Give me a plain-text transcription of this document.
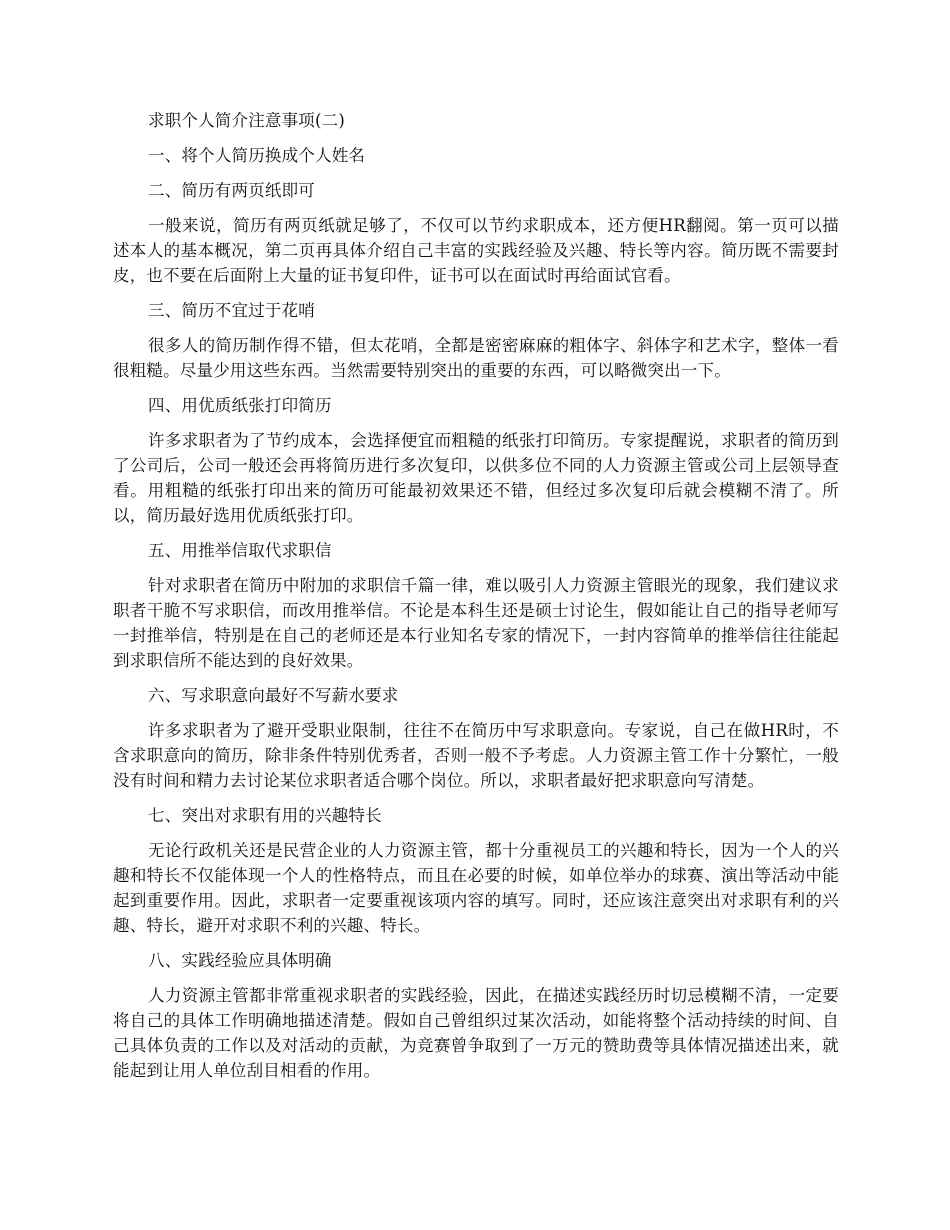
求职个人简介注意事项(二)

一、将个人简历换成个人姓名

二、简历有两页纸即可

一般来说，简历有两页纸就足够了，不仅可以节约求职成本，还方便HR翻阅。第一页可以描述本人的基本概况，第二页再具体介绍自己丰富的实践经验及兴趣、特长等内容。简历既不需要封皮，也不要在后面附上大量的证书复印件，证书可以在面试时再给面试官看。

三、简历不宜过于花哨

很多人的简历制作得不错，但太花哨，全都是密密麻麻的粗体字、斜体字和艺术字，整体一看很粗糙。尽量少用这些东西。当然需要特别突出的重要的东西，可以略微突出一下。

四、用优质纸张打印简历

许多求职者为了节约成本，会选择便宜而粗糙的纸张打印简历。专家提醒说，求职者的简历到了公司后，公司一般还会再将简历进行多次复印，以供多位不同的人力资源主管或公司上层领导查看。用粗糙的纸张打印出来的简历可能最初效果还不错，但经过多次复印后就会模糊不清了。所以，简历最好选用优质纸张打印。

五、用推举信取代求职信

针对求职者在简历中附加的求职信千篇一律，难以吸引人力资源主管眼光的现象，我们建议求职者干脆不写求职信，而改用推举信。不论是本科生还是硕士讨论生，假如能让自己的指导老师写一封推举信，特别是在自己的老师还是本行业知名专家的情况下，一封内容简单的推举信往往能起到求职信所不能达到的良好效果。

六、写求职意向最好不写薪水要求

许多求职者为了避开受职业限制，往往不在简历中写求职意向。专家说，自己在做HR时，不含求职意向的简历，除非条件特别优秀者，否则一般不予考虑。人力资源主管工作十分繁忙，一般没有时间和精力去讨论某位求职者适合哪个岗位。所以，求职者最好把求职意向写清楚。

七、突出对求职有用的兴趣特长

无论行政机关还是民营企业的人力资源主管，都十分重视员工的兴趣和特长，因为一个人的兴趣和特长不仅能体现一个人的性格特点，而且在必要的时候，如单位举办的球赛、演出等活动中能起到重要作用。因此，求职者一定要重视该项内容的填写。同时，还应该注意突出对求职有利的兴趣、特长，避开对求职不利的兴趣、特长。

八、实践经验应具体明确

人力资源主管都非常重视求职者的实践经验，因此，在描述实践经历时切忌模糊不清，一定要将自己的具体工作明确地描述清楚。假如自己曾组织过某次活动，如能将整个活动持续的时间、自己具体负责的工作以及对活动的贡献，为竞赛曾争取到了一万元的赞助费等具体情况描述出来，就能起到让用人单位刮目相看的作用。
